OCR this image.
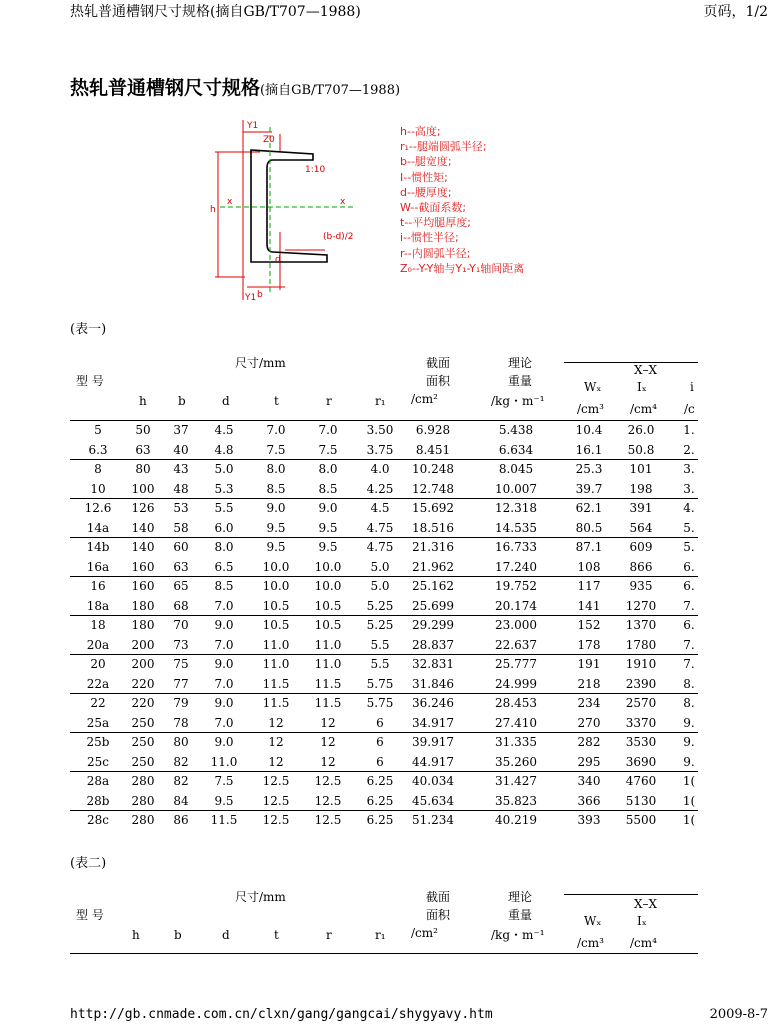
热轧普通槽钢尺寸规格(摘自GB/T707—1988)	页码，1/2
热轧普通槽钢尺寸规格(摘自GB/T707—1988)
Y1
Z0
1:10
h
x	x
d
(b-d)/2
b
Y1
h--高度;
r₁--腿端圆弧半径;
b--腿宽度;
I--惯性矩;
d--腰厚度;
W--截面系数;
t--平均腿厚度;
i--惯性半径;
r--内圆弧半径;
Z₀--Y-Y轴与Y₁-Y₁轴间距离
(表一)
型 号
尺寸/mm	截面
面积
/cm²
理论
重量
/kg・m⁻¹
X–X
h	b	d	t	r	r₁
Wₓ
/cm³
Iₓ
/cm⁴
i
/c
5	50	37	4.5	7.0	7.0	3.50	6.928	5.438	10.4	26.0	1.
6.3	63	40	4.8	7.5	7.5	3.75	8.451	6.634	16.1	50.8	2.
8	80	43	5.0	8.0	8.0	4.0	10.248	8.045	25.3	101	3.
10	100	48	5.3	8.5	8.5	4.25	12.748	10.007	39.7	198	3.
12.6	126	53	5.5	9.0	9.0	4.5	15.692	12.318	62.1	391	4.
14a	140	58	6.0	9.5	9.5	4.75	18.516	14.535	80.5	564	5.
14b	140	60	8.0	9.5	9.5	4.75	21.316	16.733	87.1	609	5.
16a	160	63	6.5	10.0	10.0	5.0	21.962	17.240	108	866	6.
16	160	65	8.5	10.0	10.0	5.0	25.162	19.752	117	935	6.
18a	180	68	7.0	10.5	10.5	5.25	25.699	20.174	141	1270	7.
18	180	70	9.0	10.5	10.5	5.25	29.299	23.000	152	1370	6.
20a	200	73	7.0	11.0	11.0	5.5	28.837	22.637	178	1780	7.
20	200	75	9.0	11.0	11.0	5.5	32.831	25.777	191	1910	7.
22a	220	77	7.0	11.5	11.5	5.75	31.846	24.999	218	2390	8.
22	220	79	9.0	11.5	11.5	5.75	36.246	28.453	234	2570	8.
25a	250	78	7.0	12	12	6	34.917	27.410	270	3370	9.
25b	250	80	9.0	12	12	6	39.917	31.335	282	3530	9.
25c	250	82	11.0	12	12	6	44.917	35.260	295	3690	9.
28a	280	82	7.5	12.5	12.5	6.25	40.034	31.427	340	4760	1(
28b	280	84	9.5	12.5	12.5	6.25	45.634	35.823	366	5130	1(
28c	280	86	11.5	12.5	12.5	6.25	51.234	40.219	393	5500	1(
(表二)
型 号
尺寸/mm	截面
面积
/cm²
理论
重量
/kg・m⁻¹
X–X
h	b	d	t	r	r₁
Wₓ
/cm³
Iₓ
/cm⁴
http://gb.cnmade.com.cn/clxn/gang/gangcai/shygyavy.htm	2009-8-7
